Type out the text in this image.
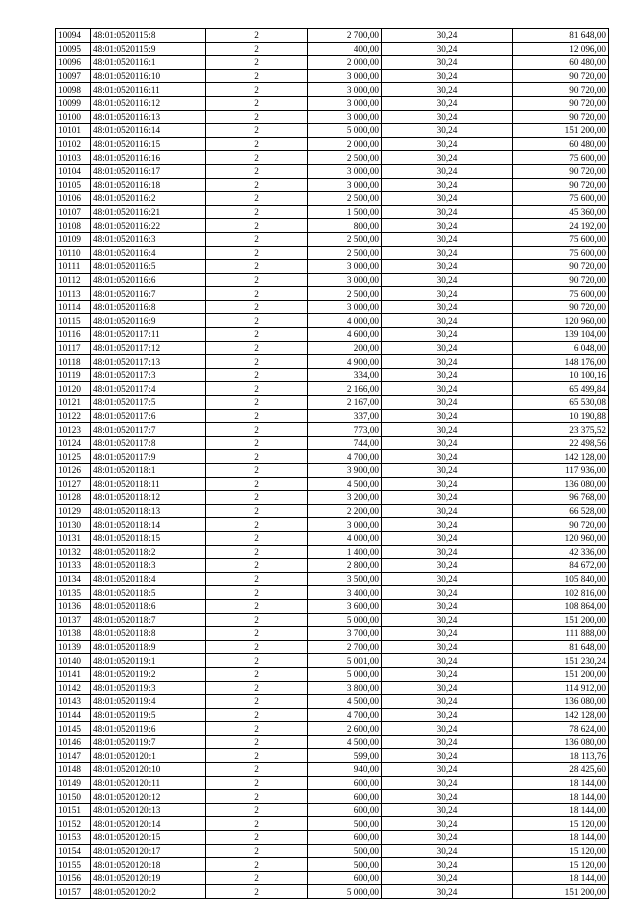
10094	48:01:0520115:8	2	2 700,00	30,24	81 648,00
10095	48:01:0520115:9	2	400,00	30,24	12 096,00
10096	48:01:0520116:1	2	2 000,00	30,24	60 480,00
10097	48:01:0520116:10	2	3 000,00	30,24	90 720,00
10098	48:01:0520116:11	2	3 000,00	30,24	90 720,00
10099	48:01:0520116:12	2	3 000,00	30,24	90 720,00
10100	48:01:0520116:13	2	3 000,00	30,24	90 720,00
10101	48:01:0520116:14	2	5 000,00	30,24	151 200,00
10102	48:01:0520116:15	2	2 000,00	30,24	60 480,00
10103	48:01:0520116:16	2	2 500,00	30,24	75 600,00
10104	48:01:0520116:17	2	3 000,00	30,24	90 720,00
10105	48:01:0520116:18	2	3 000,00	30,24	90 720,00
10106	48:01:0520116:2	2	2 500,00	30,24	75 600,00
10107	48:01:0520116:21	2	1 500,00	30,24	45 360,00
10108	48:01:0520116:22	2	800,00	30,24	24 192,00
10109	48:01:0520116:3	2	2 500,00	30,24	75 600,00
10110	48:01:0520116:4	2	2 500,00	30,24	75 600,00
10111	48:01:0520116:5	2	3 000,00	30,24	90 720,00
10112	48:01:0520116:6	2	3 000,00	30,24	90 720,00
10113	48:01:0520116:7	2	2 500,00	30,24	75 600,00
10114	48:01:0520116:8	2	3 000,00	30,24	90 720,00
10115	48:01:0520116:9	2	4 000,00	30,24	120 960,00
10116	48:01:0520117:11	2	4 600,00	30,24	139 104,00
10117	48:01:0520117:12	2	200,00	30,24	6 048,00
10118	48:01:0520117:13	2	4 900,00	30,24	148 176,00
10119	48:01:0520117:3	2	334,00	30,24	10 100,16
10120	48:01:0520117:4	2	2 166,00	30,24	65 499,84
10121	48:01:0520117:5	2	2 167,00	30,24	65 530,08
10122	48:01:0520117:6	2	337,00	30,24	10 190,88
10123	48:01:0520117:7	2	773,00	30,24	23 375,52
10124	48:01:0520117:8	2	744,00	30,24	22 498,56
10125	48:01:0520117:9	2	4 700,00	30,24	142 128,00
10126	48:01:0520118:1	2	3 900,00	30,24	117 936,00
10127	48:01:0520118:11	2	4 500,00	30,24	136 080,00
10128	48:01:0520118:12	2	3 200,00	30,24	96 768,00
10129	48:01:0520118:13	2	2 200,00	30,24	66 528,00
10130	48:01:0520118:14	2	3 000,00	30,24	90 720,00
10131	48:01:0520118:15	2	4 000,00	30,24	120 960,00
10132	48:01:0520118:2	2	1 400,00	30,24	42 336,00
10133	48:01:0520118:3	2	2 800,00	30,24	84 672,00
10134	48:01:0520118:4	2	3 500,00	30,24	105 840,00
10135	48:01:0520118:5	2	3 400,00	30,24	102 816,00
10136	48:01:0520118:6	2	3 600,00	30,24	108 864,00
10137	48:01:0520118:7	2	5 000,00	30,24	151 200,00
10138	48:01:0520118:8	2	3 700,00	30,24	111 888,00
10139	48:01:0520118:9	2	2 700,00	30,24	81 648,00
10140	48:01:0520119:1	2	5 001,00	30,24	151 230,24
10141	48:01:0520119:2	2	5 000,00	30,24	151 200,00
10142	48:01:0520119:3	2	3 800,00	30,24	114 912,00
10143	48:01:0520119:4	2	4 500,00	30,24	136 080,00
10144	48:01:0520119:5	2	4 700,00	30,24	142 128,00
10145	48:01:0520119:6	2	2 600,00	30,24	78 624,00
10146	48:01:0520119:7	2	4 500,00	30,24	136 080,00
10147	48:01:0520120:1	2	599,00	30,24	18 113,76
10148	48:01:0520120:10	2	940,00	30,24	28 425,60
10149	48:01:0520120:11	2	600,00	30,24	18 144,00
10150	48:01:0520120:12	2	600,00	30,24	18 144,00
10151	48:01:0520120:13	2	600,00	30,24	18 144,00
10152	48:01:0520120:14	2	500,00	30,24	15 120,00
10153	48:01:0520120:15	2	600,00	30,24	18 144,00
10154	48:01:0520120:17	2	500,00	30,24	15 120,00
10155	48:01:0520120:18	2	500,00	30,24	15 120,00
10156	48:01:0520120:19	2	600,00	30,24	18 144,00
10157	48:01:0520120:2	2	5 000,00	30,24	151 200,00
